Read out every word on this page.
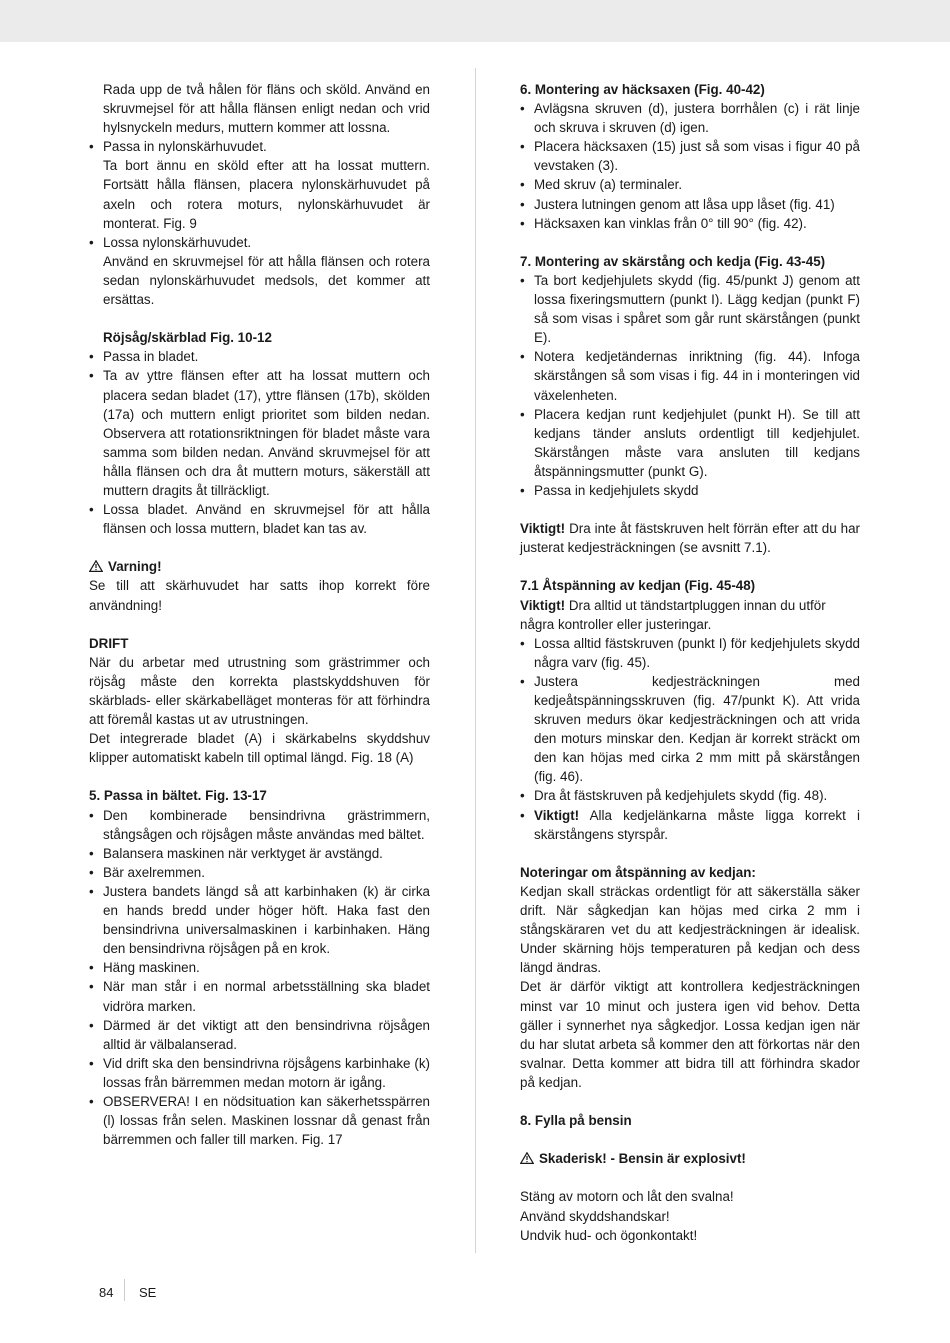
Rada upp de två hålen för fläns och sköld. Använd en skruvmejsel för att hålla flänsen enligt nedan och vrid hylsnyckeln medurs, muttern kommer att lossna.

• Passa in nylonskärhuvudet.

Ta bort ännu en sköld efter att ha lossat muttern. Fortsätt hålla flänsen, placera nylonskärhuvudet på axeln och rotera moturs, nylonskärhuvudet är monterat. Fig. 9

• Lossa nylonskärhuvudet.

Använd en skruvmejsel för att hålla flänsen och rotera sedan nylonskärhuvudet medsols, det kommer att ersättas.

Röjsåg/skärblad Fig. 10-12

• Passa in bladet.
• Ta av yttre flänsen efter att ha lossat muttern och placera sedan bladet (17), yttre flänsen (17b), skölden (17a) och muttern enligt prioritet som bilden nedan. Observera att rotationsriktningen för bladet måste vara samma som bilden nedan. Använd skruvmejsel för att hålla flänsen och dra åt muttern moturs, säkerställ att muttern dragits åt tillräckligt.
• Lossa bladet. Använd en skruvmejsel för att hålla flänsen och lossa muttern, bladet kan tas av.

Varning!

Se till att skärhuvudet har satts ihop korrekt före användning!

DRIFT

När du arbetar med utrustning som grästrimmer och röjsåg måste den korrekta plastskyddshuven för skärblads- eller skärkabelläget monteras för att förhindra att föremål kastas ut av utrustningen.

Det integrerade bladet (A) i skärkabelns skyddshuv klipper automatiskt kabeln till optimal längd. Fig. 18 (A)

5. Passa in bältet. Fig. 13-17

• Den kombinerade bensindrivna grästrimmern, stångsågen och röjsågen måste användas med bältet.
• Balansera maskinen när verktyget är avstängd.
• Bär axelremmen.
• Justera bandets längd så att karbinhaken (k) är cirka en hands bredd under höger höft. Haka fast den bensindrivna universalmaskinen i karbinhaken. Häng den bensindrivna röjsågen på en krok.
• Häng maskinen.
• När man står i en normal arbetsställning ska bladet vidröra marken.
• Därmed är det viktigt att den bensindrivna röjsågen alltid är välbalanserad.
• Vid drift ska den bensindrivna röjsågens karbinhake (k) lossas från bärremmen medan motorn är igång.
• OBSERVERA! I en nödsituation kan säkerhetsspärren (l) lossas från selen. Maskinen lossnar då genast från bärremmen och faller till marken. Fig. 17

6. Montering av häcksaxen (Fig. 40-42)

• Avlägsna skruven (d), justera borrhålen (c) i rät linje och skruva i skruven (d) igen.
• Placera häcksaxen (15) just så som visas i figur 40 på vevstaken (3).
• Med skruv (a) terminaler.
• Justera lutningen genom att låsa upp låset (fig. 41)
• Häcksaxen kan vinklas från 0° till 90° (fig. 42).

7. Montering av skärstång och kedja (Fig. 43-45)

• Ta bort kedjehjulets skydd (fig. 45/punkt J) genom att lossa fixeringsmuttern (punkt I). Lägg kedjan (punkt F) så som visas i spåret som går runt skärstången (punkt E).
• Notera kedjetändernas inriktning (fig. 44). Infoga skärstången så som visas i fig. 44 in i monteringen vid växelenheten.
• Placera kedjan runt kedjehjulet (punkt H). Se till att kedjans tänder ansluts ordentligt till kedjehjulet. Skärstången måste vara ansluten till kedjans åtspänningsmutter (punkt G).
• Passa in kedjehjulets skydd

Viktigt! Dra inte åt fästskruven helt förrän efter att du har justerat kedjesträckningen (se avsnitt 7.1).

7.1 Åtspänning av kedjan (Fig. 45-48)

Viktigt! Dra alltid ut tändstartpluggen innan du utför några kontroller eller justeringar.

• Lossa alltid fästskruven (punkt I) för kedjehjulets skydd några varv (fig. 45).
• Justera kedjesträckningen med kedjeåtspänningsskruven (fig. 47/punkt K). Att vrida skruven medurs ökar kedjesträckningen och att vrida den moturs minskar den. Kedjan är korrekt sträckt om den kan höjas med cirka 2 mm mitt på skärstången (fig. 46).
• Dra åt fästskruven på kedjehjulets skydd (fig. 48).
• Viktigt! Alla kedjelänkarna måste ligga korrekt i skärstångens styrspår.

Noteringar om åtspänning av kedjan:

Kedjan skall sträckas ordentligt för att säkerställa säker drift. När sågkedjan kan höjas med cirka 2 mm i stångskäraren vet du att kedjesträckningen är idealisk. Under skärning höjs temperaturen på kedjan och dess längd ändras.

Det är därför viktigt att kontrollera kedjesträckningen minst var 10 minut och justera igen vid behov. Detta gäller i synnerhet nya sågkedjor. Lossa kedjan igen när du har slutat arbeta så kommer den att förkortas när den svalnar. Detta kommer att bidra till att förhindra skador på kedjan.

8. Fylla på bensin

Skaderisk! - Bensin är explosivt!

Stäng av motorn och låt den svalna!

Använd skyddshandskar!

Undvik hud- och ögonkontakt!

84 SE
